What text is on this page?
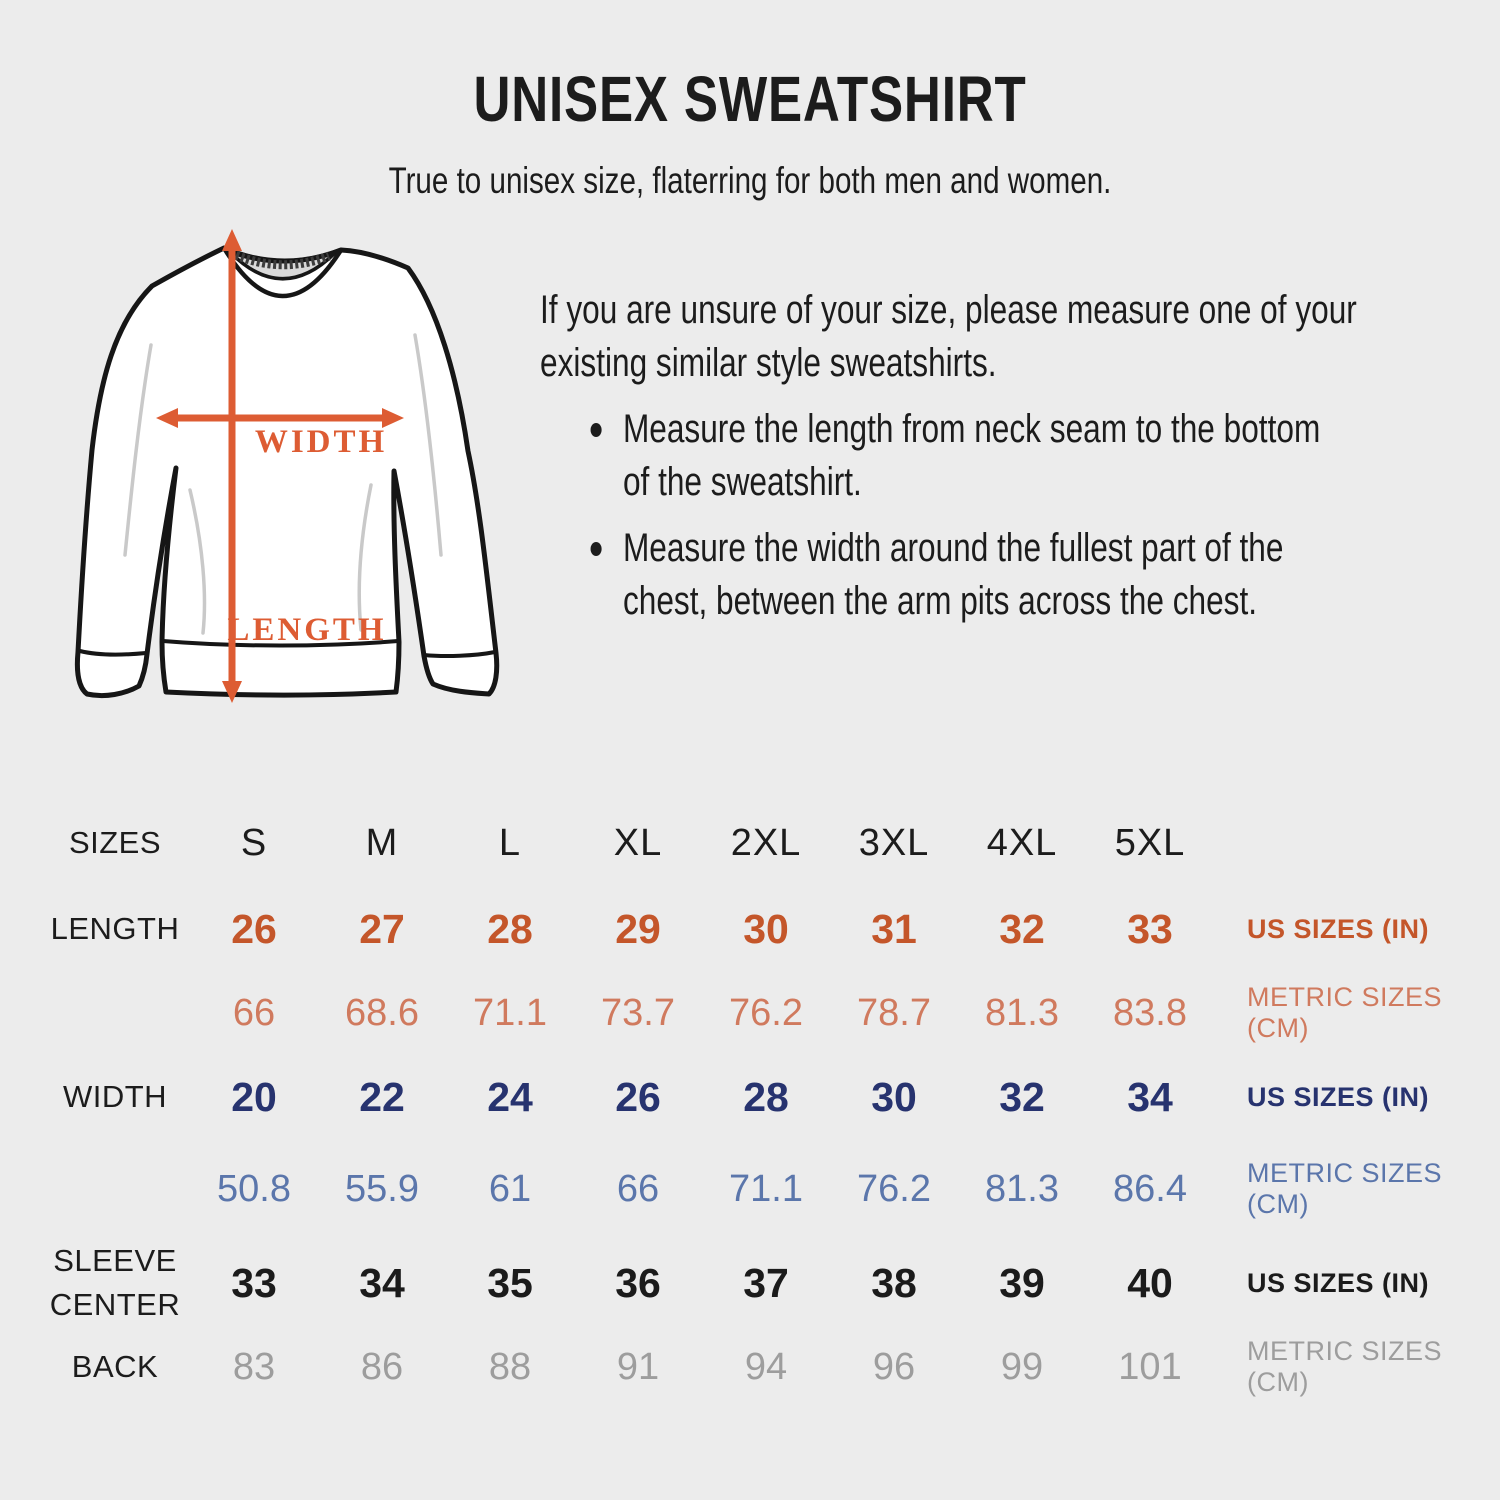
UNISEX SWEATSHIRT
True to unisex size, flaterring for both men and women.
WIDTH
LENGTH
If you are unsure of your size, please measure one of your
existing similar style sweatshirts.
Measure the length from neck seam to the bottom
of the sweatshirt.
Measure the width around the fullest part of the
chest, between the arm pits across the chest.
SIZES	S	M	L	XL	2XL	3XL	4XL	5XL
LENGTH	26	27	28	29	30	31	32	33	US SIZES (IN)
66	68.6	71.1	73.7	76.2	78.7	81.3	83.8	METRIC SIZES (CM)
WIDTH	20	22	24	26	28	30	32	34	US SIZES (IN)
50.8	55.9	61	66	71.1	76.2	81.3	86.4	METRIC SIZES (CM)
SLEEVE
CENTER	33	34	35	36	37	38	39	40	US SIZES (IN)
BACK	83	86	88	91	94	96	99	101	METRIC SIZES (CM)
